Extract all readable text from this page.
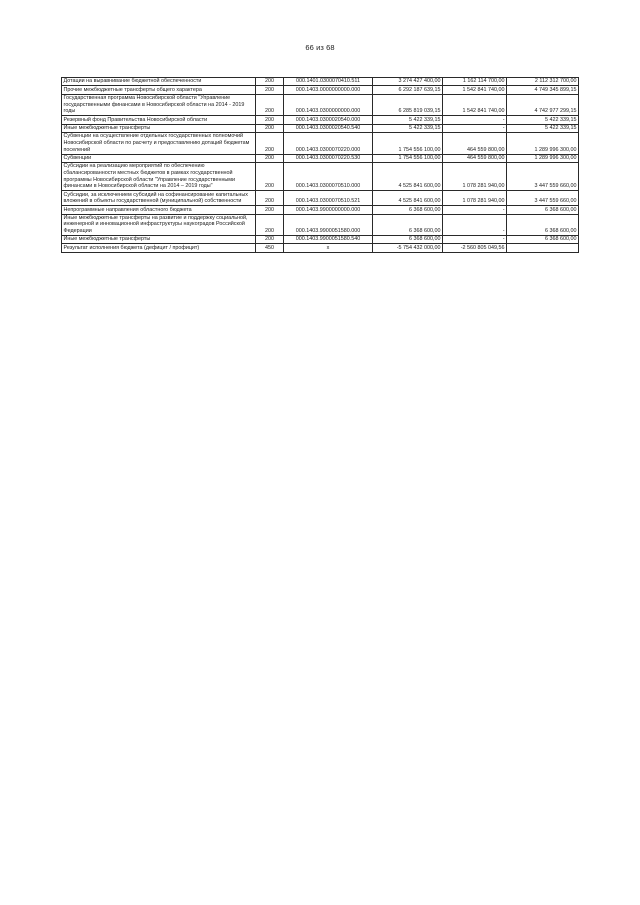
66 из 68
Дотации на выравнивание бюджетной обеспеченности	200	000.1401.0300070410.511	3 274 427 400,00	1 162 114 700,00	2 112 312 700,00
Прочие межбюджетные трансферты общего характера	200	000.1403.0000000000.000	6 292 187 639,15	1 542 841 740,00	4 749 345 899,15
Государственная программа Новосибирской области "Управление государственными финансами в Новосибирской области на 2014 - 2019 годы	200	000.1403.0300000000.000	6 285 819 039,15	1 542 841 740,00	4 742 977 299,15
Резервный фонд Правительства Новосибирской области	200	000.1403.0300020540.000	5 422 339,15	-	5 422 339,15
Иные межбюджетные трансферты	200	000.1403.0300020540.540	5 422 339,15	-	5 422 339,15
Субвенции на осуществление отдельных государственных полномочий Новосибирской области по расчету и предоставлению дотаций бюджетам поселений	200	000.1403.0300070220.000	1 754 556 100,00	464 559 800,00	1 289 996 300,00
Субвенции	200	000.1403.0300070220.530	1 754 556 100,00	464 559 800,00	1 289 996 300,00
Субсидии на реализацию мероприятий по обеспечению сбалансированности местных бюджетов в рамках государственной программы Новосибирской области "Управление государственными финансами в Новосибирской области на 2014 – 2019 годы"	200	000.1403.0300070510.000	4 525 841 600,00	1 078 281 940,00	3 447 559 660,00
Субсидии, за исключением субсидий на софинансирование капитальных вложений в объекты государственной (муниципальной) собственности	200	000.1403.0300070510.521	4 525 841 600,00	1 078 281 940,00	3 447 559 660,00
Непрограммные направления областного бюджета	200	000.1403.9900000000.000	6 368 600,00	-	6 368 600,00
Иные межбюджетные трансферты на развитие и поддержку социальной, инженерной и инновационной инфраструктуры наукоградов Российской Федерации	200	000.1403.9900051580.000	6 368 600,00	-	6 368 600,00
Иные межбюджетные трансферты	200	000.1403.9900051580.540	6 368 600,00	-	6 368 600,00
Результат исполнения бюджета (дефицит / профицит)	450	x	-5 754 432 000,00	-2 560 805 049,56	
